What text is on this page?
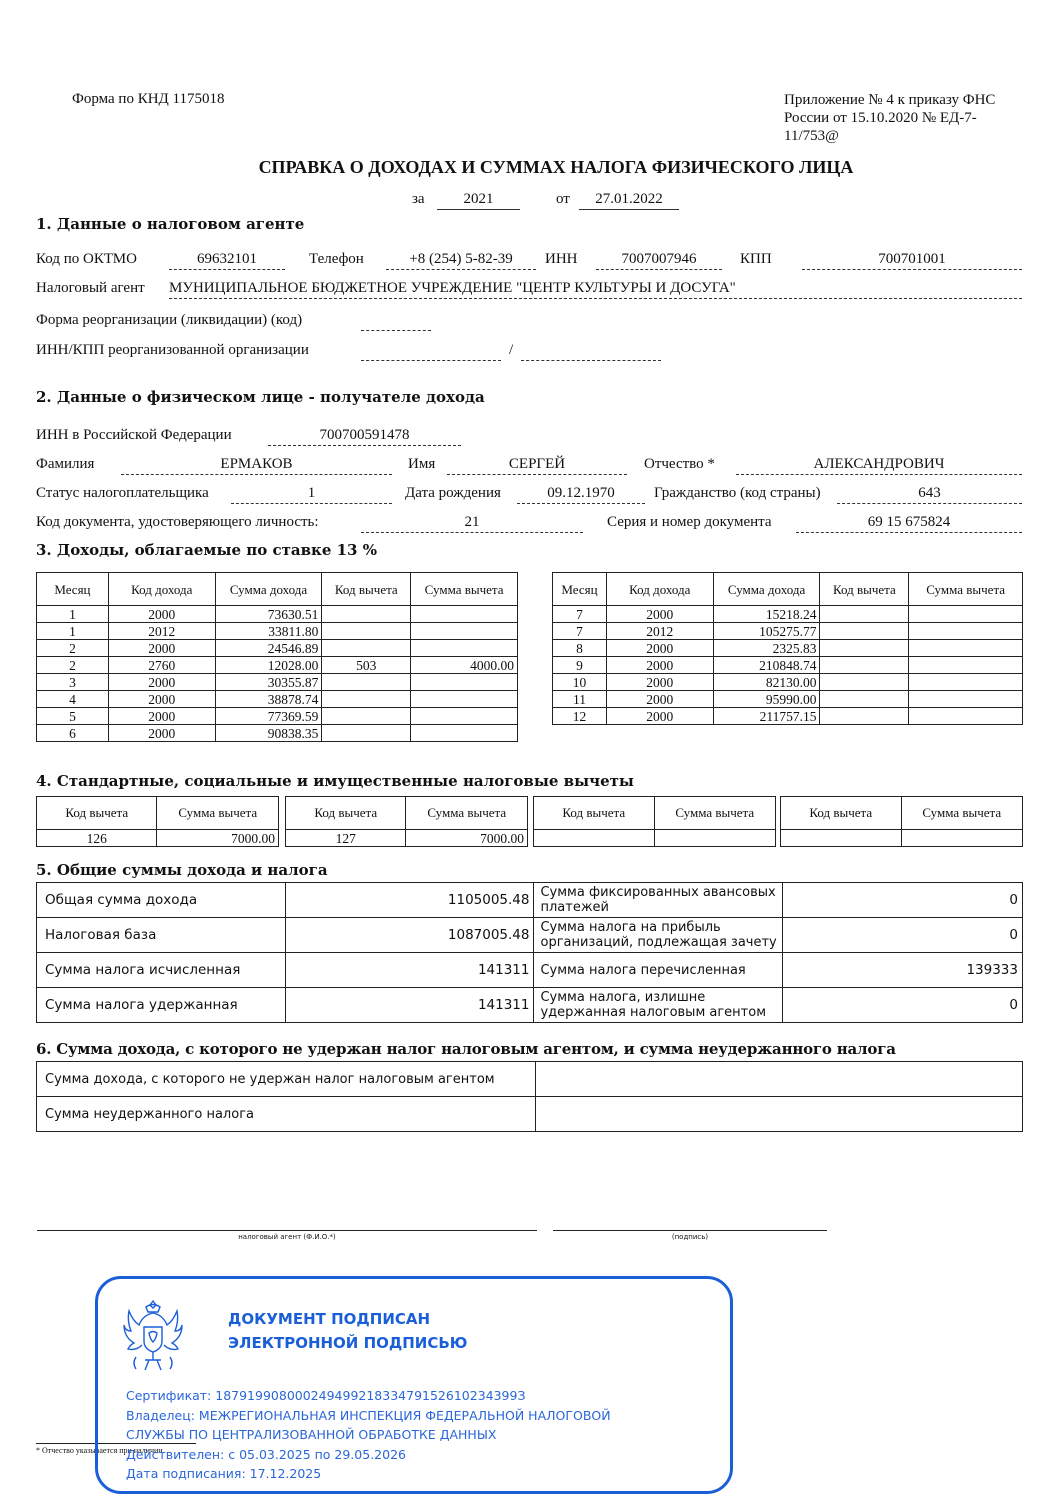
Форма по КНД 1175018	Приложение № 4 к приказу ФНС
России от 15.10.2020 № ЕД-7-
11/753@
СПРАВКА О ДОХОДАХ И СУММАХ НАЛОГА ФИЗИЧЕСКОГО ЛИЦА
за	2021	от	27.01.2022
1. Данные о налоговом агенте
Код по ОКТМО	69632101	Телефон	+8 (254) 5-82-39	ИНН	7007007946	КПП	700701001
Налоговый агент МУНИЦИПАЛЬНОЕ БЮДЖЕТНОЕ УЧРЕЖДЕНИЕ "ЦЕНТР КУЛЬТУРЫ И ДОСУГА"
Форма реорганизации (ликвидации) (код)
ИНН/КПП реорганизованной организации	/
2. Данные о физическом лице - получателе дохода
ИНН в Российской Федерации	700700591478
Фамилия	ЕРМАКОВ	Имя	СЕРГЕЙ	Отчество *	АЛЕКСАНДРОВИЧ
Статус налогоплательщика	1	Дата рождения	09.12.1970	Гражданство (код страны)	643
Код документа, удостоверяющего личность:	21	Серия и номер документа	69 15 675824
3. Доходы, облагаемые по ставке 13 %
Месяц	Код дохода	Сумма дохода	Код вычета	Сумма вычета
1	2000	73630.51		
1	2012	33811.80		
2	2000	24546.89		
2	2760	12028.00	503	4000.00
3	2000	30355.87		
4	2000	38878.74		
5	2000	77369.59		
6	2000	90838.35		
Месяц	Код дохода	Сумма дохода	Код вычета	Сумма вычета
7	2000	15218.24		
7	2012	105275.77		
8	2000	2325.83		
9	2000	210848.74		
10	2000	82130.00		
11	2000	95990.00		
12	2000	211757.15		
4. Стандартные, социальные и имущественные налоговые вычеты
Код вычета	Сумма вычета
126	7000.00
Код вычета	Сумма вычета
127	7000.00
Код вычета	Сумма вычета
		Код вычета	Сумма вычета

5. Общие суммы дохода и налога
Общая сумма дохода	1105005.48	Сумма фиксированных авансовых платежей	0
Налоговая база	1087005.48	Сумма налога на прибыль организаций, подлежащая зачету	0
Сумма налога исчисленная	141311	Сумма налога перечисленная	139333
Сумма налога удержанная	141311	Сумма налога, излишне удержанная налоговым агентом	0
6. Сумма дохода, с которого не удержан налог налоговым агентом, и сумма неудержанного налога
Сумма дохода, с которого не удержан налог налоговым агентом	
Сумма неудержанного налога	
налоговый агент (Ф.И.О.*)	(подпись)
* Отчество указывается при наличии.
ДОКУМЕНТ ПОДПИСАН
ЭЛЕКТРОННОЙ ПОДПИСЬЮ
Сертификат: 18791990800024949921833479152610234399З
Владелец: МЕЖРЕГИОНАЛЬНАЯ ИНСПЕКЦИЯ ФЕДЕРАЛЬНОЙ НАЛОГОВОЙ
СЛУЖБЫ ПО ЦЕНТРАЛИЗОВАННОЙ ОБРАБОТКЕ ДАННЫХ
Действителен: с 05.03.2025 по 29.05.2026
Дата подписания: 17.12.2025
